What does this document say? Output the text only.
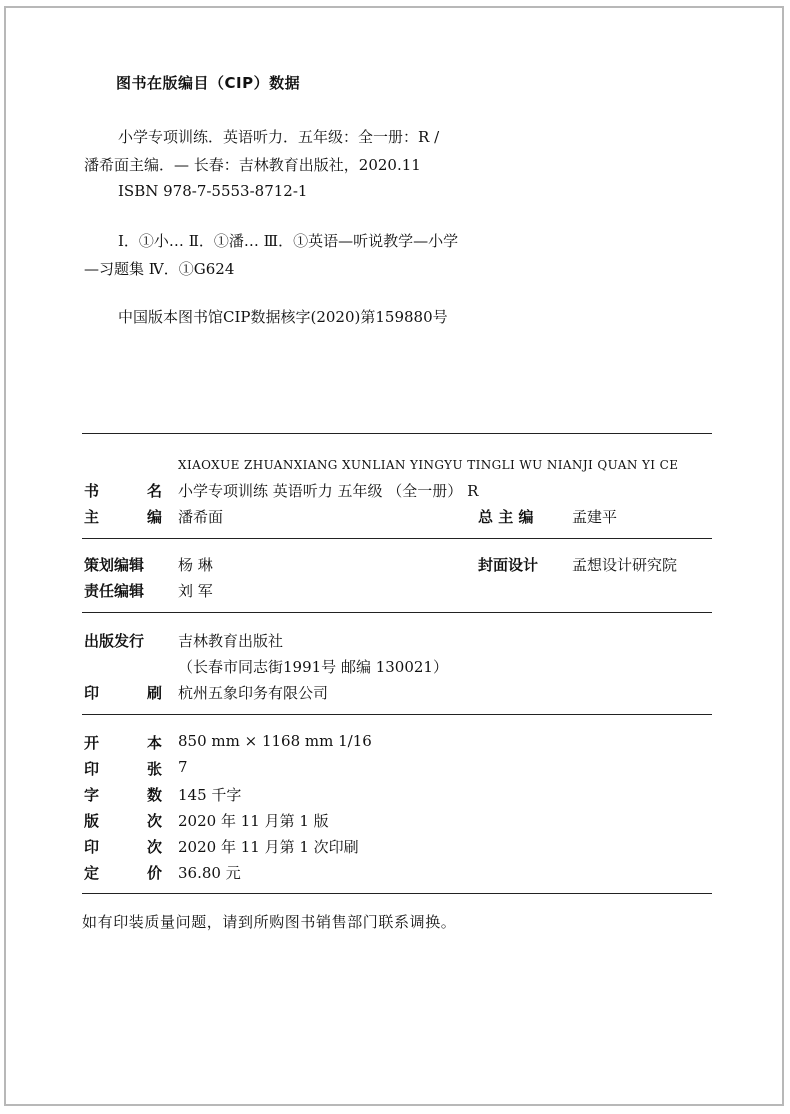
图书在版编目（CIP）数据
小学专项训练．英语听力．五年级：全一册：R /
潘希面主编．— 长春：吉林教育出版社，2020.11
ISBN 978-7-5553-8712-1
Ⅰ．①小… Ⅱ．①潘… Ⅲ．①英语—听说教学—小学
—习题集 Ⅳ．①G624
中国版本图书馆CIP数据核字(2020)第159880号
XIAOXUE ZHUANXIANG XUNLIAN YINGYU TINGLI WU NIANJI QUAN YI CE
书	名 小学专项训练 英语听力 五年级 （全一册） R
主	编 潘希面	总 主 编	孟建平
策划编辑	杨 琳	封面设计 孟想设计研究院
责任编辑	刘 军
出版发行	吉林教育出版社
（长春市同志街1991号 邮编 130021）
印	刷 杭州五象印务有限公司
开	本 850 mm × 1168 mm 1/16
印	张 7
字	数 145 千字
版	次 2020 年 11 月第 1 版
印	次 2020 年 11 月第 1 次印刷
定	价 36.80 元
如有印装质量问题，请到所购图书销售部门联系调换。
